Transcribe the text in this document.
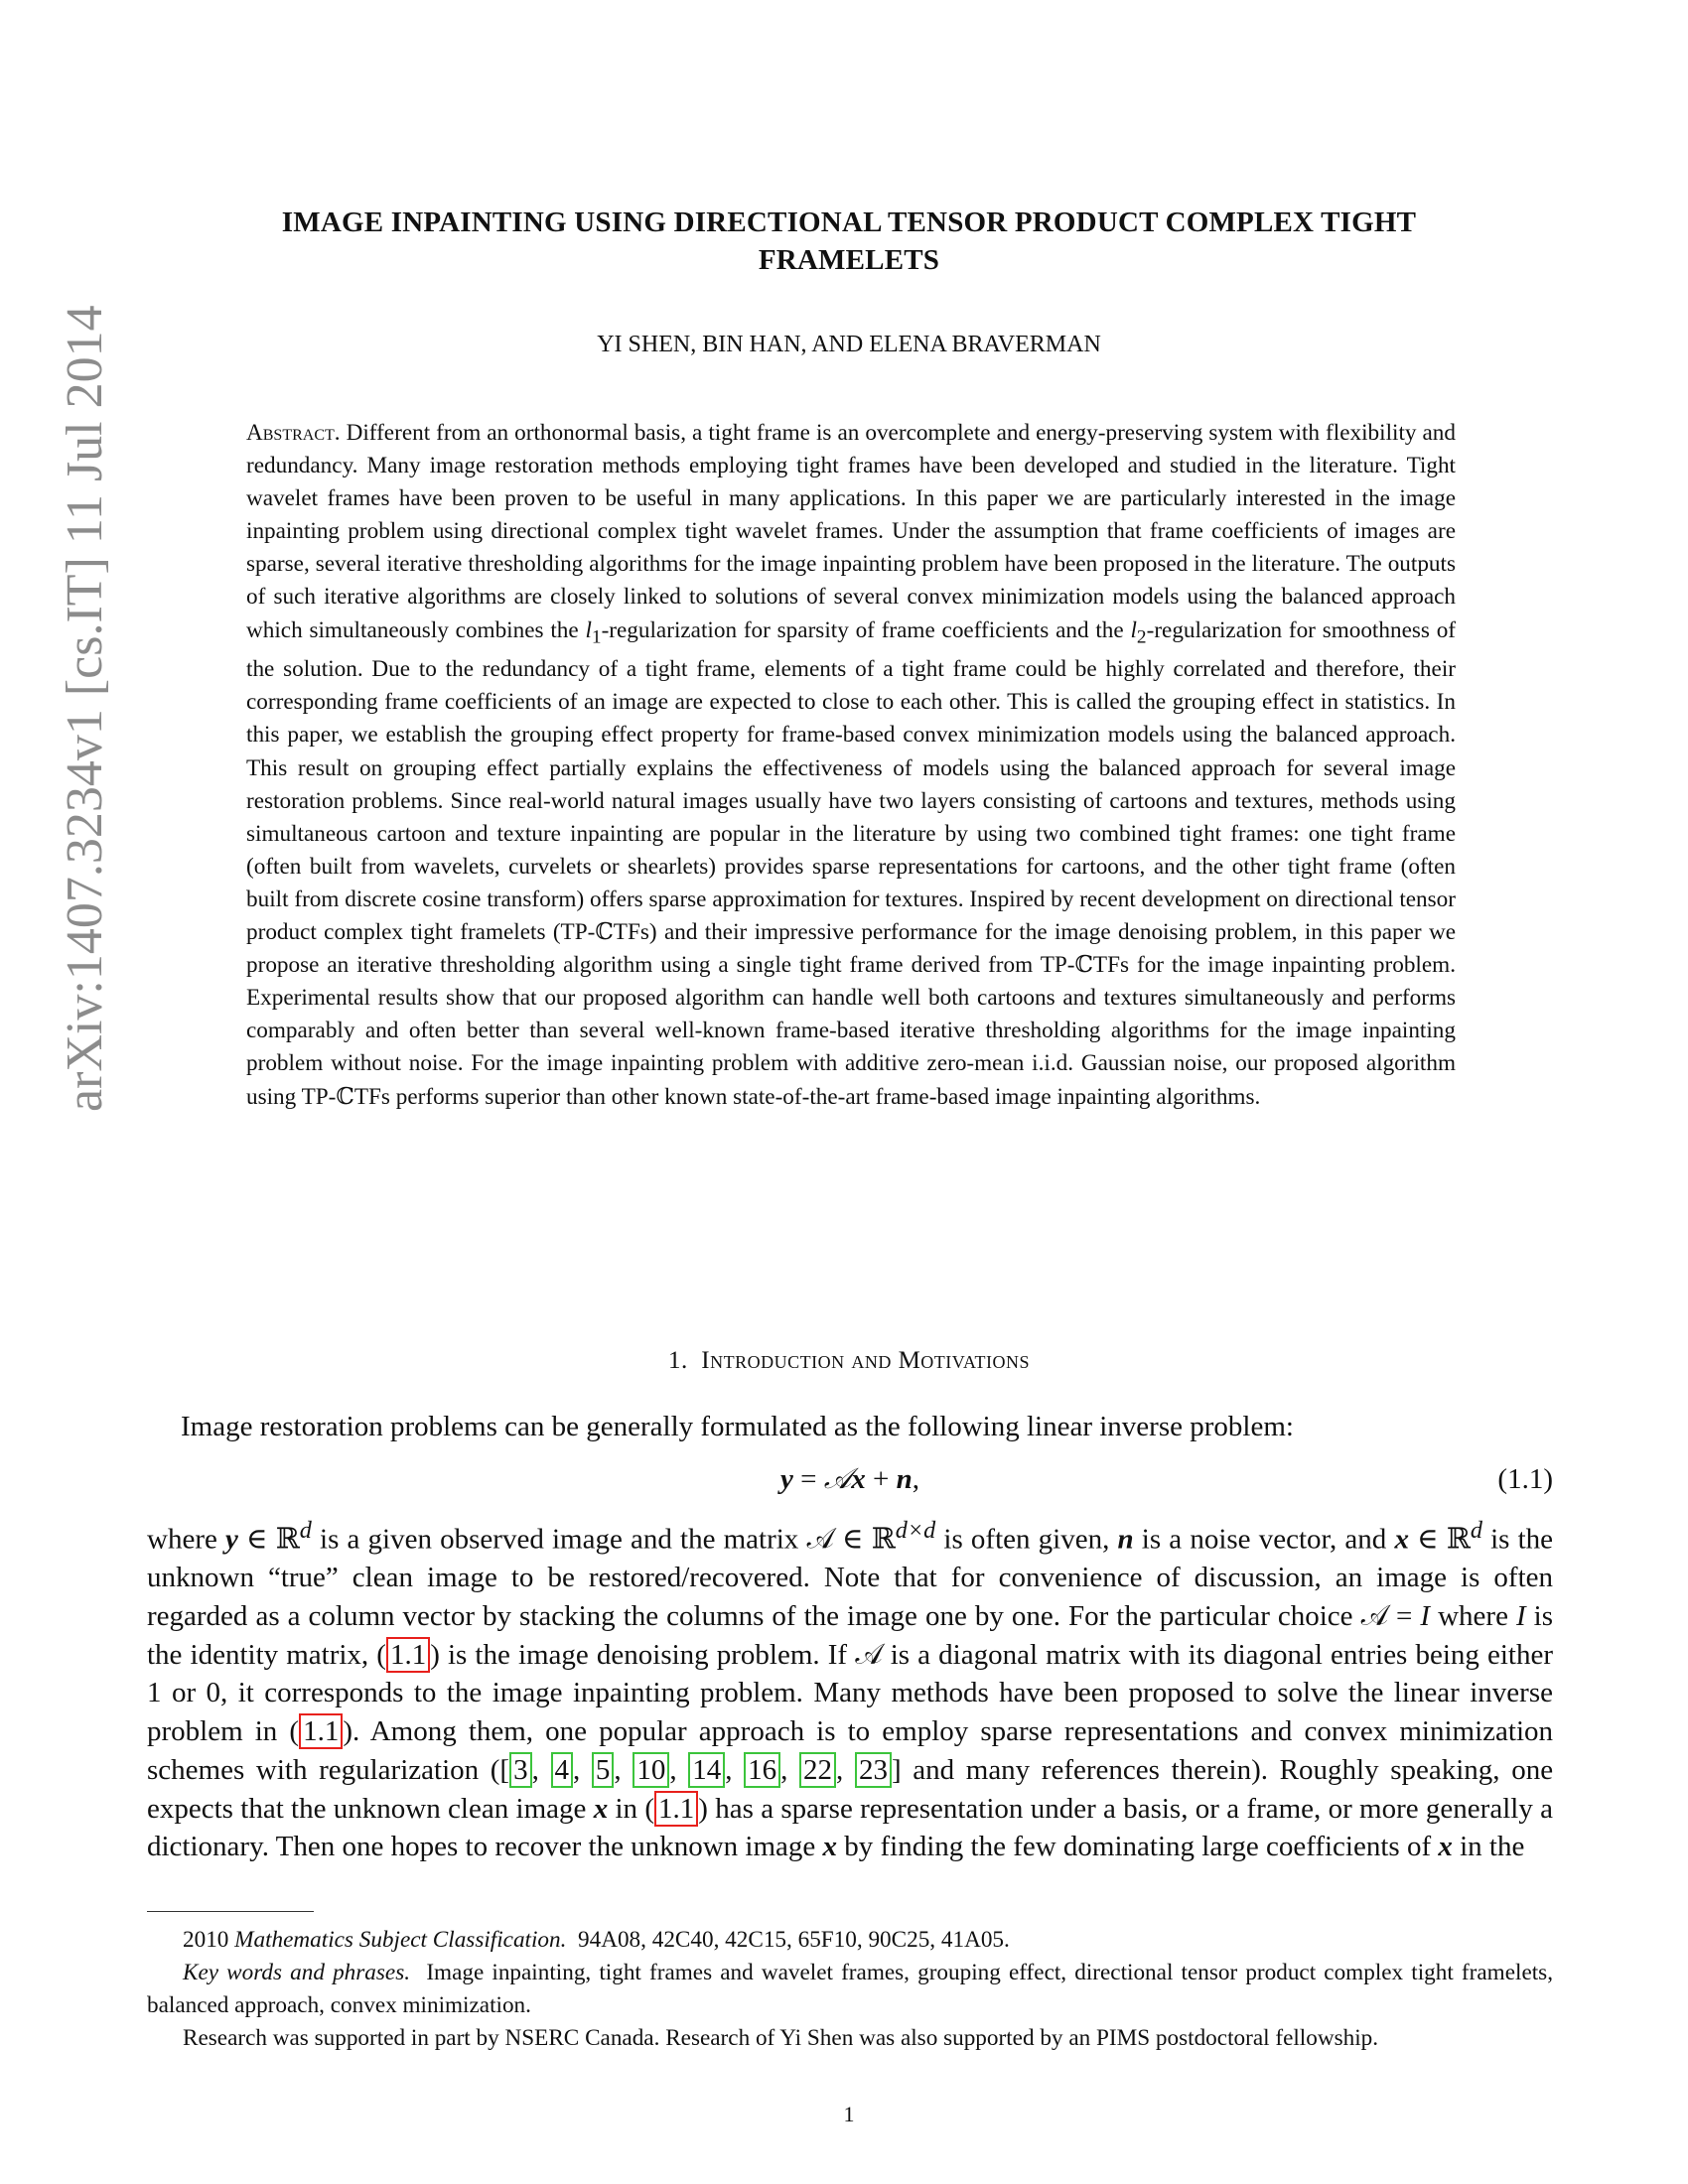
arXiv:1407.3234v1 [cs.IT] 11 Jul 2014
IMAGE INPAINTING USING DIRECTIONAL TENSOR PRODUCT COMPLEX TIGHT FRAMELETS
YI SHEN, BIN HAN, AND ELENA BRAVERMAN
Abstract. Different from an orthonormal basis, a tight frame is an overcomplete and energy-preserving system with flexibility and redundancy. Many image restoration methods employing tight frames have been developed and studied in the literature. Tight wavelet frames have been proven to be useful in many applications. In this paper we are particularly interested in the image inpainting problem using directional complex tight wavelet frames. Under the assumption that frame coefficients of images are sparse, several iterative thresholding algorithms for the image inpainting problem have been proposed in the literature. The outputs of such iterative algorithms are closely linked to solutions of several convex minimization models using the balanced approach which simultaneously combines the $l_1$-regularization for sparsity of frame coefficients and the $l_2$-regularization for smoothness of the solution. Due to the redundancy of a tight frame, elements of a tight frame could be highly correlated and therefore, their corresponding frame coefficients of an image are expected to close to each other. This is called the grouping effect in statistics. In this paper, we establish the grouping effect property for frame-based convex minimization models using the balanced approach. This result on grouping effect partially explains the effectiveness of models using the balanced approach for several image restoration problems. Since real-world natural images usually have two layers consisting of cartoons and textures, methods using simultaneous cartoon and texture inpainting are popular in the literature by using two combined tight frames: one tight frame (often built from wavelets, curvelets or shearlets) provides sparse representations for cartoons, and the other tight frame (often built from discrete cosine transform) offers sparse approximation for textures. Inspired by recent development on directional tensor product complex tight framelets (TP-ℂTFs) and their impressive performance for the image denoising problem, in this paper we propose an iterative thresholding algorithm using a single tight frame derived from TP-ℂTFs for the image inpainting problem. Experimental results show that our proposed algorithm can handle well both cartoons and textures simultaneously and performs comparably and often better than several well-known frame-based iterative thresholding algorithms for the image inpainting problem without noise. For the image inpainting problem with additive zero-mean i.i.d. Gaussian noise, our proposed algorithm using TP-ℂTFs performs superior than other known state-of-the-art frame-based image inpainting algorithms.
1. Introduction and Motivations
Image restoration problems can be generally formulated as the following linear inverse problem:
y = 𝒜x + n,	(1.1)
where y ∈ ℝ$^d$ is a given observed image and the matrix 𝒜 ∈ ℝ$^{d\times d}$ is often given, n is a noise vector, and x ∈ ℝ$^d$ is the unknown “true” clean image to be restored/recovered. Note that for convenience of discussion, an image is often regarded as a column vector by stacking the columns of the image one by one. For the particular choice 𝒜 = I where I is the identity matrix, ( 1.1 ) is the image denoising problem. If 𝒜 is a diagonal matrix with its diagonal entries being either 1 or 0, it corresponds to the image inpainting problem. Many methods have been proposed to solve the linear inverse problem in ( 1.1 ). Among them, one popular approach is to employ sparse representations and convex minimization schemes with regularization ([ 3 , 4 , 5 , 10 , 14 , 16 , 22 , 23 ] and many references therein). Roughly speaking, one expects that the unknown clean image x in ( 1.1 ) has a sparse representation under a basis, or a frame, or more generally a dictionary. Then one hopes to recover the unknown image x by finding the few dominating large coefficients of x in the

2010 Mathematics Subject Classification. 94A08, 42C40, 42C15, 65F10, 90C25, 41A05.

Key words and phrases. Image inpainting, tight frames and wavelet frames, grouping effect, directional tensor product complex tight framelets, balanced approach, convex minimization.

Research was supported in part by NSERC Canada. Research of Yi Shen was also supported by an PIMS postdoctoral fellowship.

1
